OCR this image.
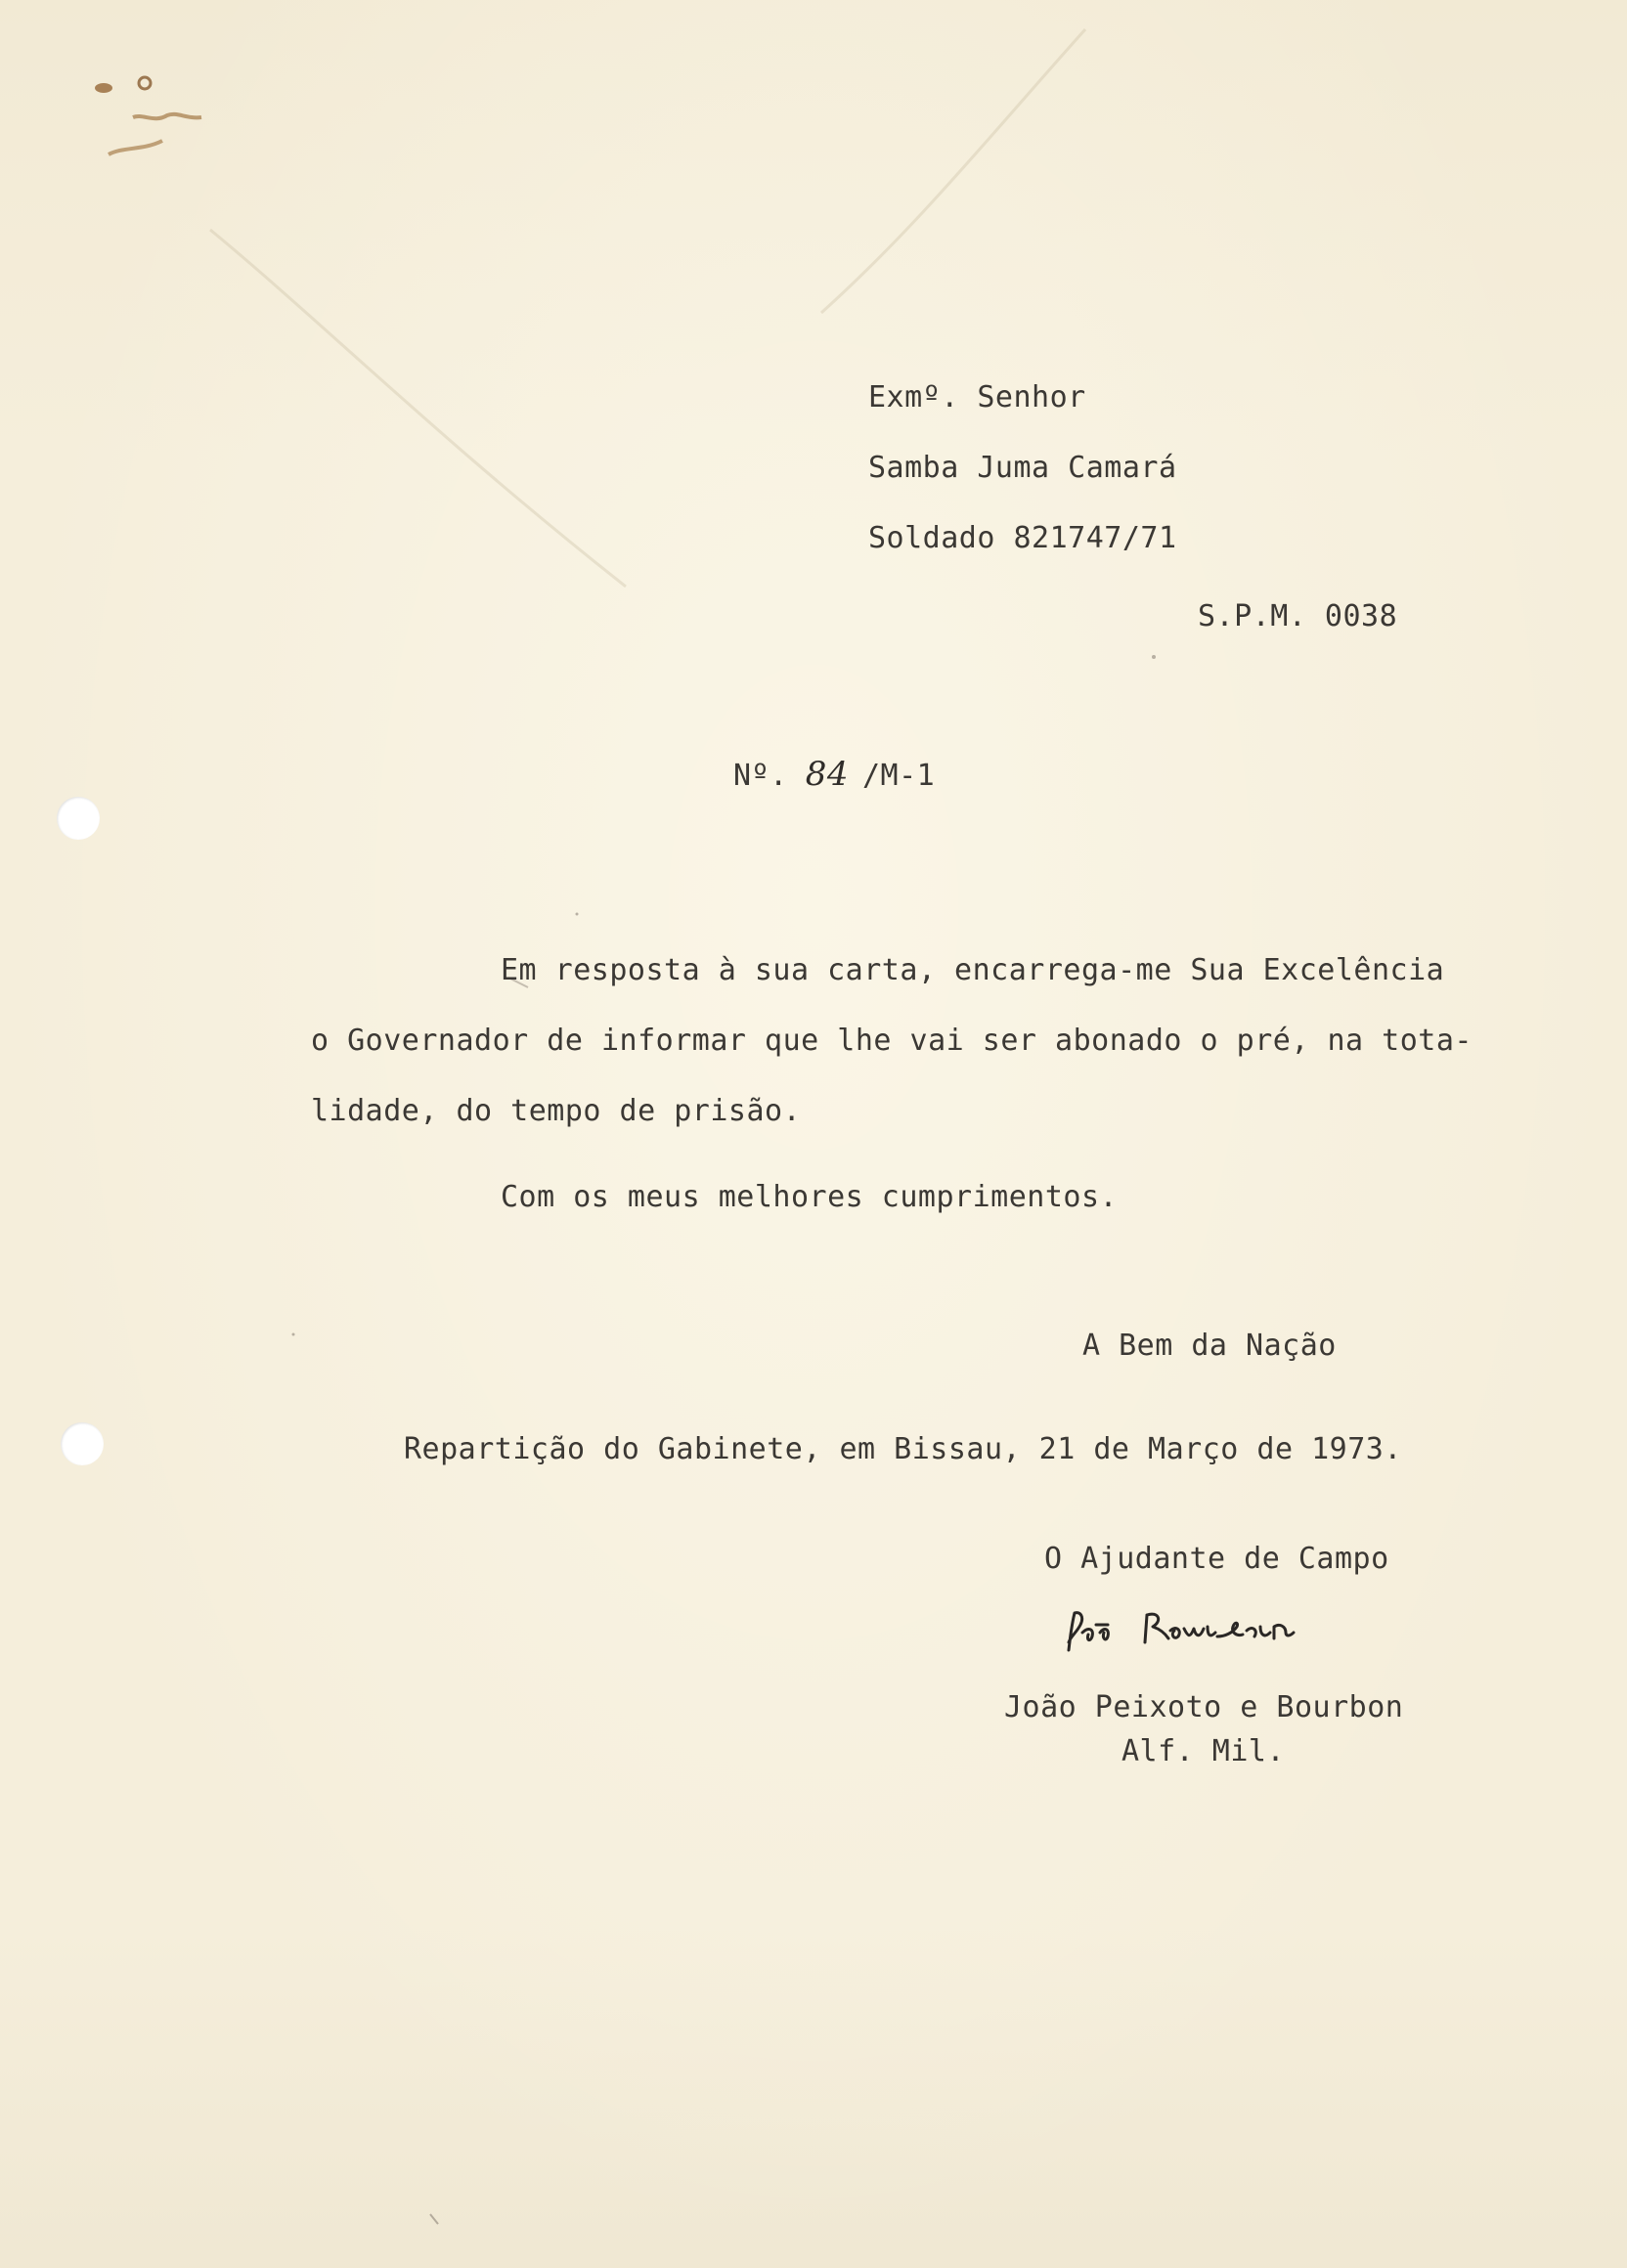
Exmº. Senhor
Samba Juma Camará
Soldado 821747/71
S.P.M. 0038
Nº. 84 /M-1
Em resposta à sua carta, encarrega-me Sua Excelência
o Governador de informar que lhe vai ser abonado o pré, na tota-
lidade, do tempo de prisão.
Com os meus melhores cumprimentos.
A Bem da Nação
Repartição do Gabinete, em Bissau, 21 de Março de 1973.
O Ajudante de Campo
João Peixoto e Bourbon
Alf. Mil.
